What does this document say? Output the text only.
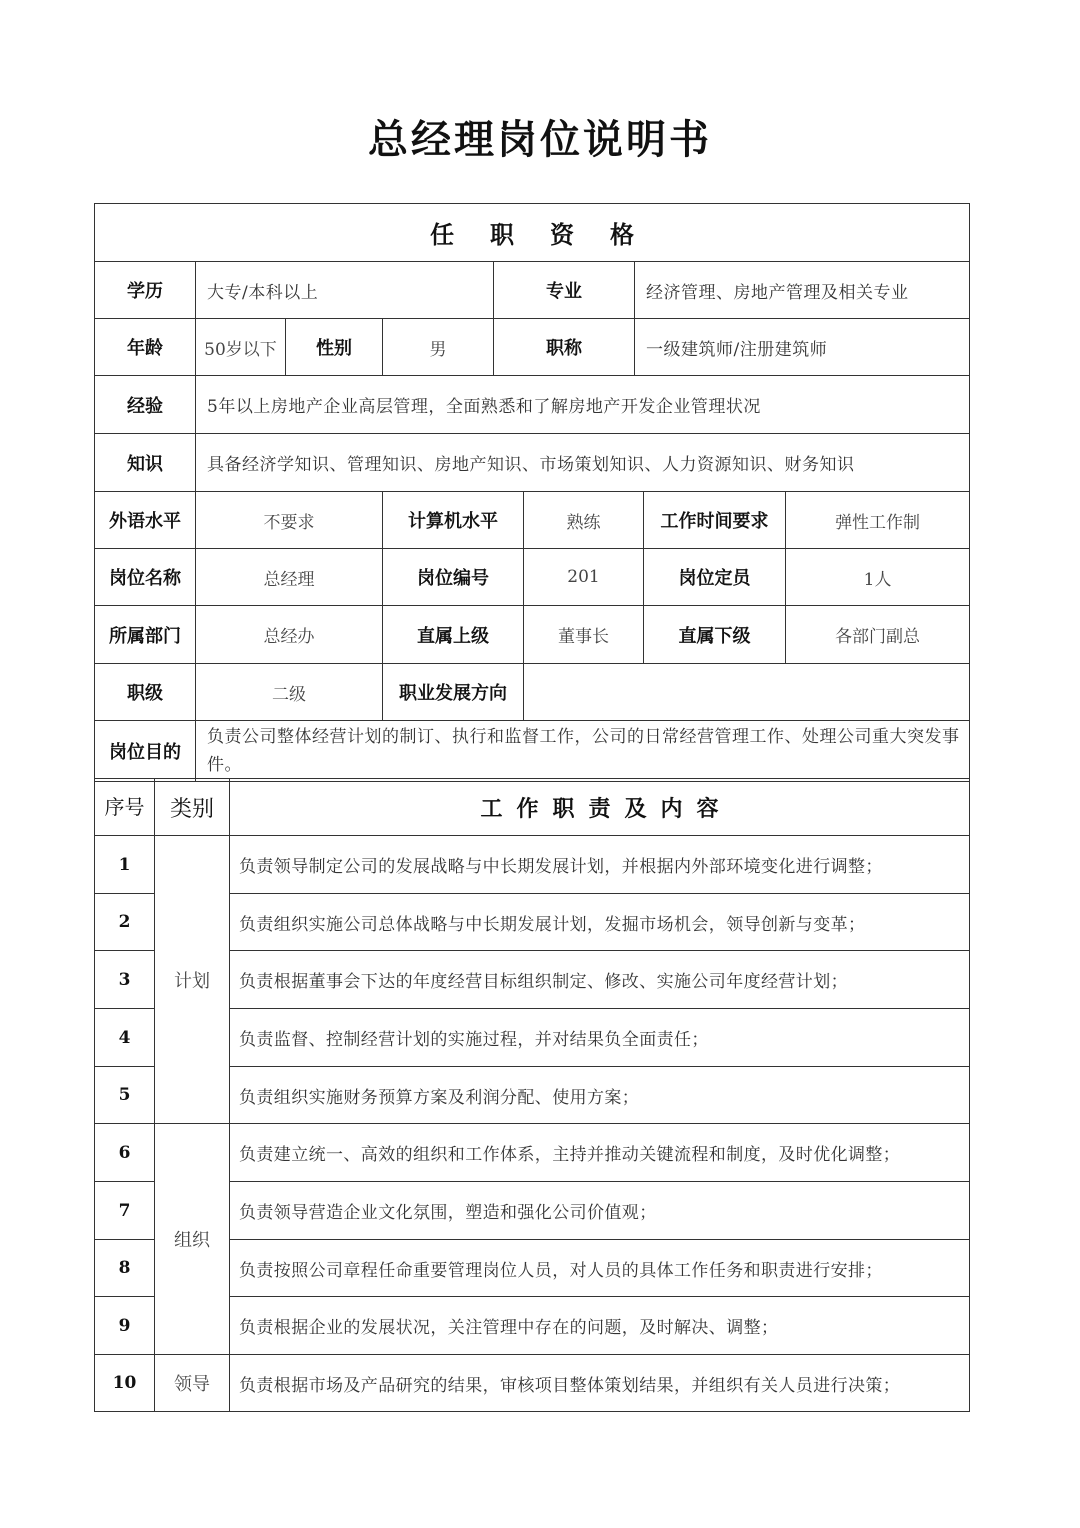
总经理岗位说明书
任职资格								
学历	大专/本科以上			专业		经济管理、房地产管理及相关专业		
年龄	50岁以下	性别	男	职称		一级建筑师/注册建筑师		
经验	5年以上房地产企业高层管理，全面熟悉和了解房地产开发企业管理状况							
知识	具备经济学知识、管理知识、房地产知识、市场策划知识、人力资源知识、财务知识							
外语水平	不要求		计算机水平		熟练		工作时间要求	弹性工作制
岗位名称	总经理		岗位编号		201		岗位定员	1人
所属部门	总经办		直属上级		董事长		直属下级	各部门副总
职级	二级		职业发展方向					
岗位目的	负责公司整体经营计划的制订、执行和监督工作，公司的日常经营管理工作、处理公司重大突发事件。							
序号	类别	工作职责及内容
1	计划	负责领导制定公司的发展战略与中长期发展计划，并根据内外部环境变化进行调整；
2		负责组织实施公司总体战略与中长期发展计划，发掘市场机会，领导创新与变革；
3		负责根据董事会下达的年度经营目标组织制定、修改、实施公司年度经营计划；
4		负责监督、控制经营计划的实施过程，并对结果负全面责任；
5		负责组织实施财务预算方案及利润分配、使用方案；
6	组织	负责建立统一、高效的组织和工作体系，主持并推动关键流程和制度，及时优化调整；
7		负责领导营造企业文化氛围，塑造和强化公司价值观；
8		负责按照公司章程任命重要管理岗位人员，对人员的具体工作任务和职责进行安排；
9		负责根据企业的发展状况，关注管理中存在的问题，及时解决、调整；
10	领导	负责根据市场及产品研究的结果，审核项目整体策划结果，并组织有关人员进行决策；
